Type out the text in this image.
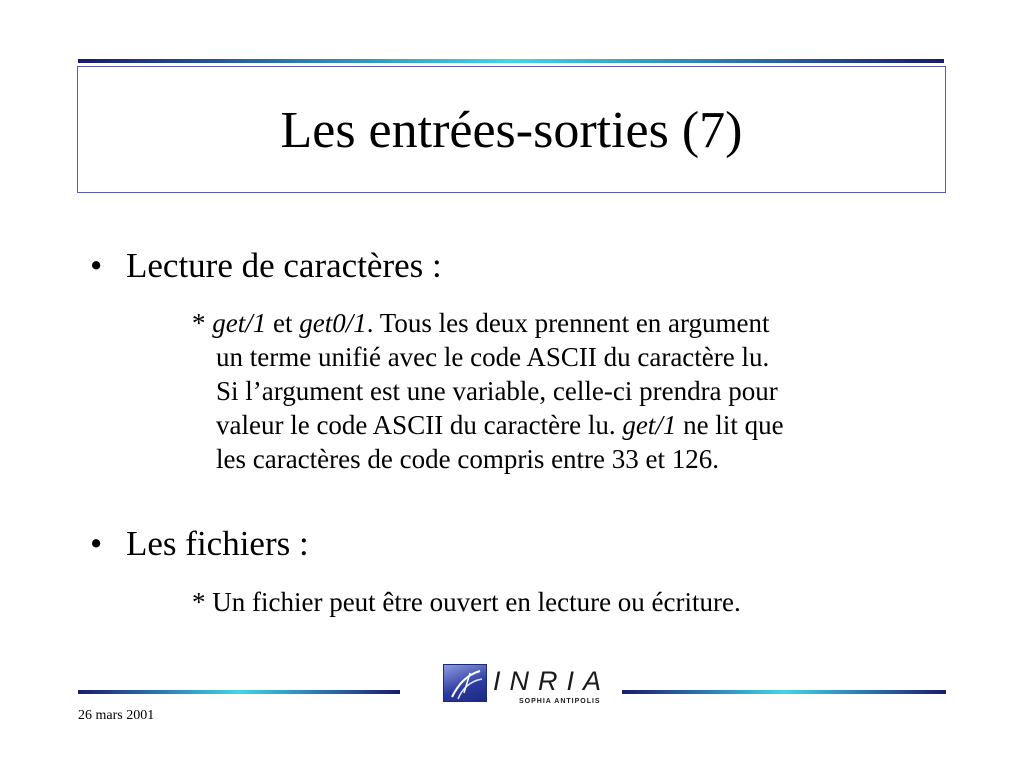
Les entrées-sorties (7)
• Lecture de caractères :
* get/1 et get0/1. Tous les deux prennent en argument
un terme unifié avec le code ASCII du caractère lu.
Si l’argument est une variable, celle-ci prendra pour
valeur le code ASCII du caractère lu. get/1 ne lit que
les caractères de code compris entre 33 et 126.
• Les fichiers :
* Un fichier peut être ouvert en lecture ou écriture.
INRIA
SOPHIA ANTIPOLIS
26 mars 2001
